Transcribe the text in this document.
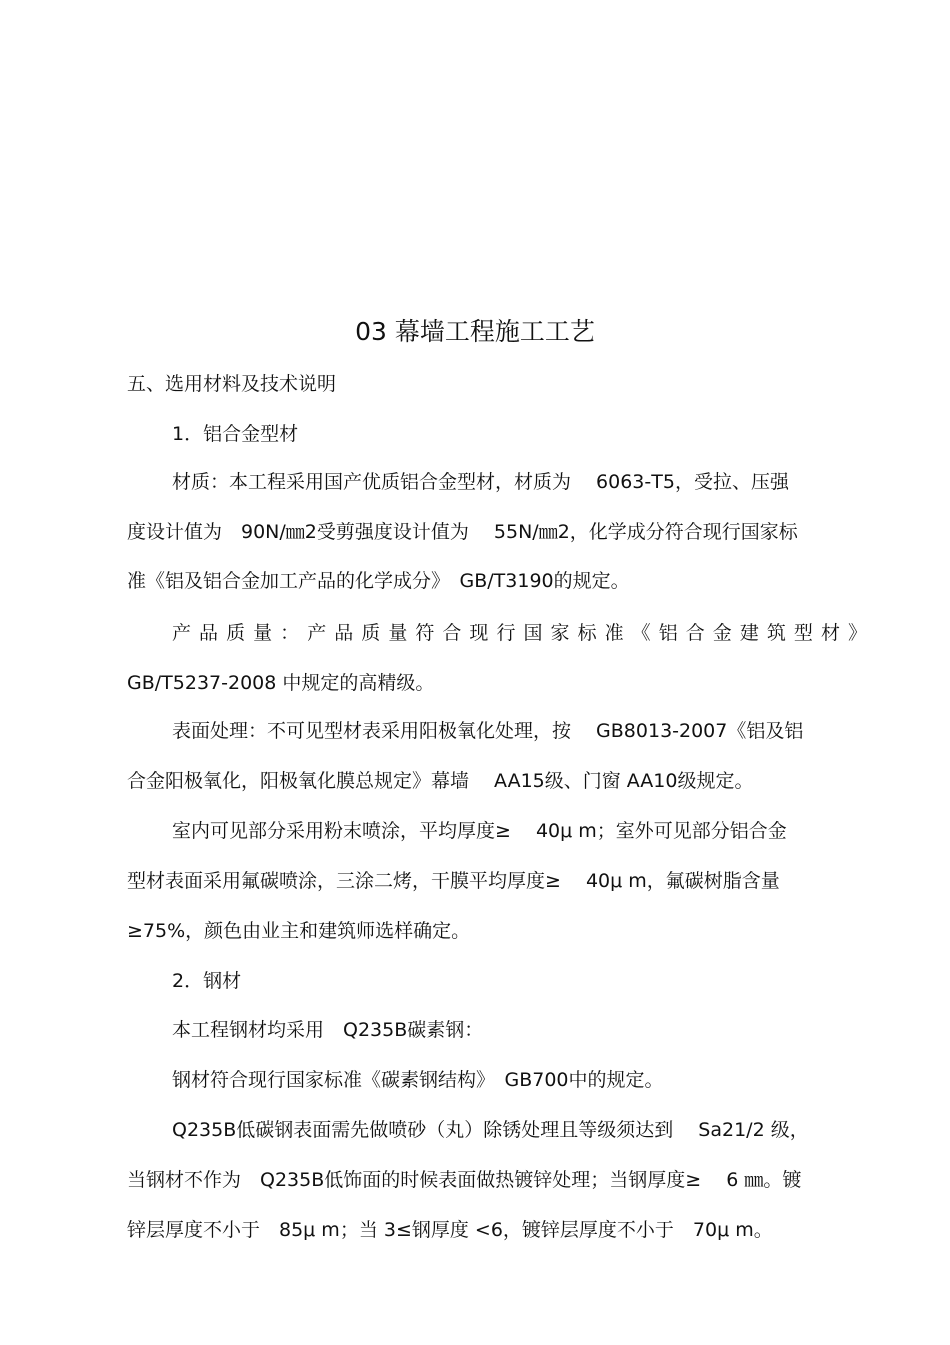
03 幕墙工程施工工艺
五、选用材料及技术说明
1．铝合金型材
材质：本工程采用国产优质铝合金型材，材质为　 6063-T5，受拉、压强
度设计值为　90N/㎜2受剪强度设计值为　 55N/㎜2，化学成分符合现行国家标
准《铝及铝合金加工产品的化学成分》　GB/T3190的规定。
产 品 质 量 ： 产 品 质 量 符 合 现 行 国 家 标 准 《 铝 合 金 建 筑 型 材 》
GB/T5237-2008 中规定的高精级。
表面处理：不可见型材表采用阳极氧化处理，按　 GB8013-2007《铝及铝
合金阳极氧化，阳极氧化膜总规定》幕墙　 AA15级、门窗 AA10级规定。
室内可见部分采用粉末喷涂，平均厚度≥　 40μ m；室外可见部分铝合金
型材表面采用氟碳喷涂，三涂二烤，干膜平均厚度≥　 40μ m，氟碳树脂含量
≥75%，颜色由业主和建筑师选样确定。
2．钢材
本工程钢材均采用　Q235B碳素钢：
钢材符合现行国家标准《碳素钢结构》　GB700中的规定。
Q235B低碳钢表面需先做喷砂（丸）除锈处理且等级须达到　 Sa21/2 级，
当钢材不作为　Q235B低饰面的时候表面做热镀锌处理；当钢厚度≥　 6 ㎜。镀
锌层厚度不小于　85μ m；当 3≤钢厚度 <6，镀锌层厚度不小于　70μ m。
